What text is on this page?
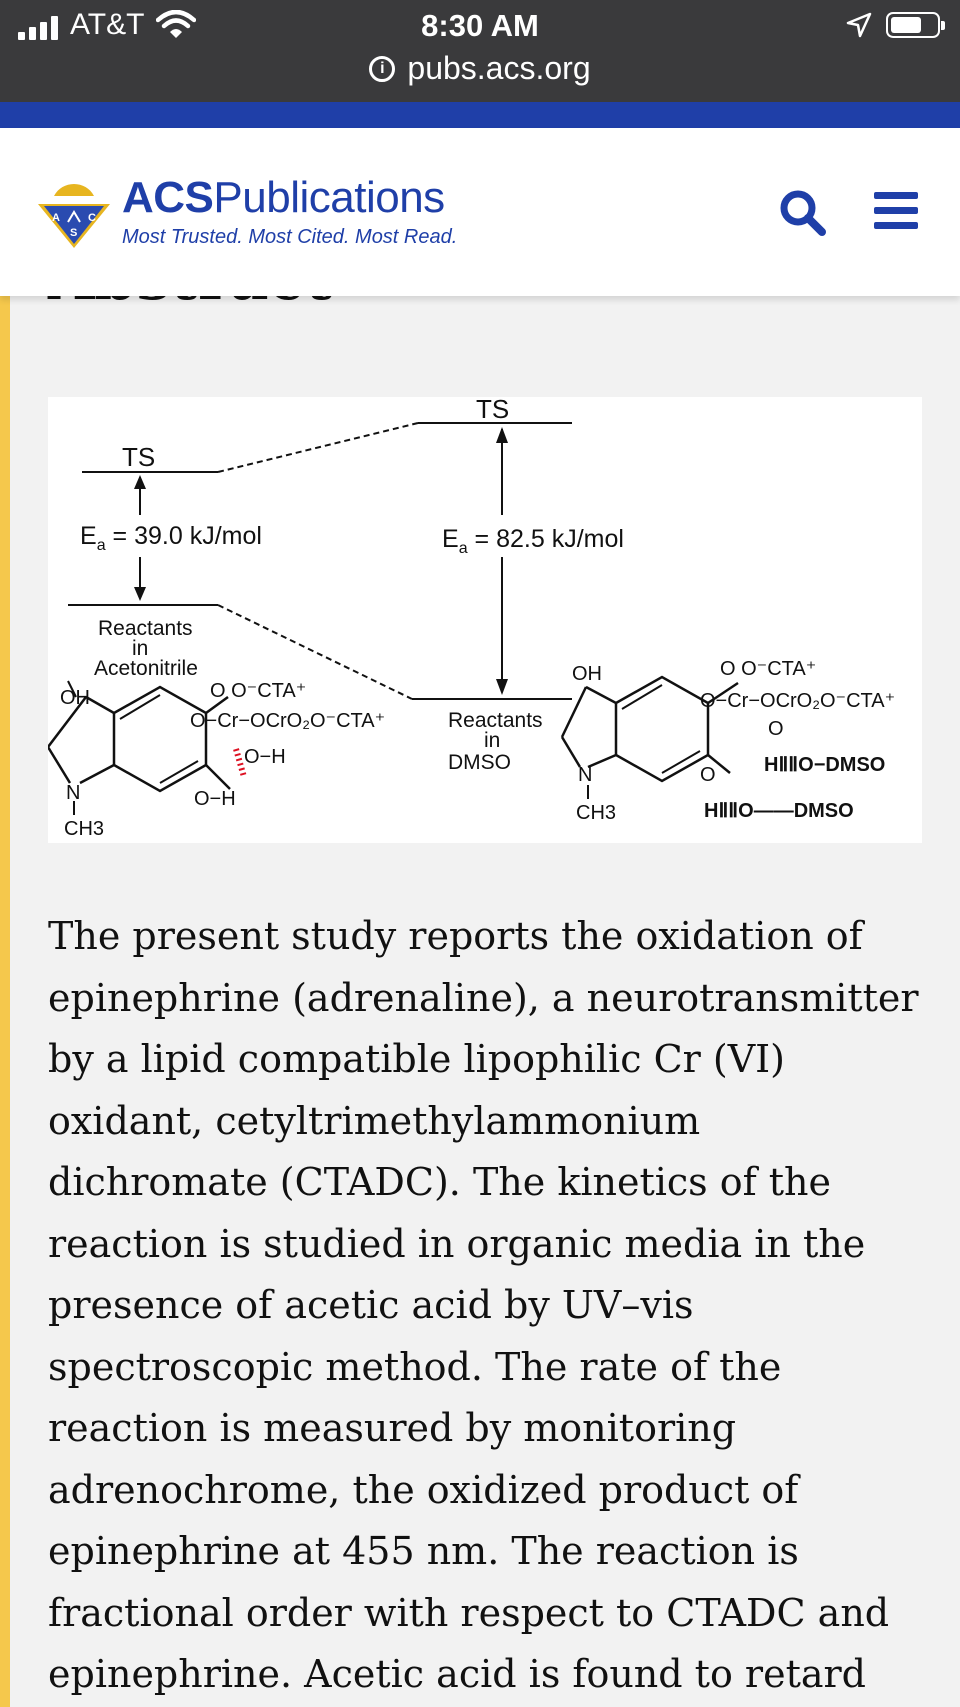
AT&T	8:30 AM
i pubs.acs.org
A	C
S
ACSPublications
Most Trusted. Most Cited. Most Read.
TS
TS
$E_a = 39.0$ kJ/mol	$E_a = 82.5$ kJ/mol
Reactants
in
Acetonitrile
Reactants
in
DMSO
OH
N
CH3
O O⁻CTA⁺
O−Cr−OCrO₂O⁻CTA⁺
O−H
O−H
OH
N
CH3
O O⁻CTA⁺
O−Cr−OCrO₂O⁻CTA⁺
O
HⅡⅡO−DMSO
O
HⅡⅡO——DMSO

The present study reports the oxidation of epinephrine (adrenaline), a neurotransmitter by a lipid compatible lipophilic Cr (VI) oxidant, cetyltrimethylammonium dichromate (CTADC). The kinetics of the reaction is studied in organic media in the presence of acetic acid by UV–vis spectroscopic method. The rate of the reaction is measured by monitoring adrenochrome, the oxidized product of epinephrine at 455 nm. The reaction is fractional order with respect to CTADC and epinephrine. Acetic acid is found to retard
